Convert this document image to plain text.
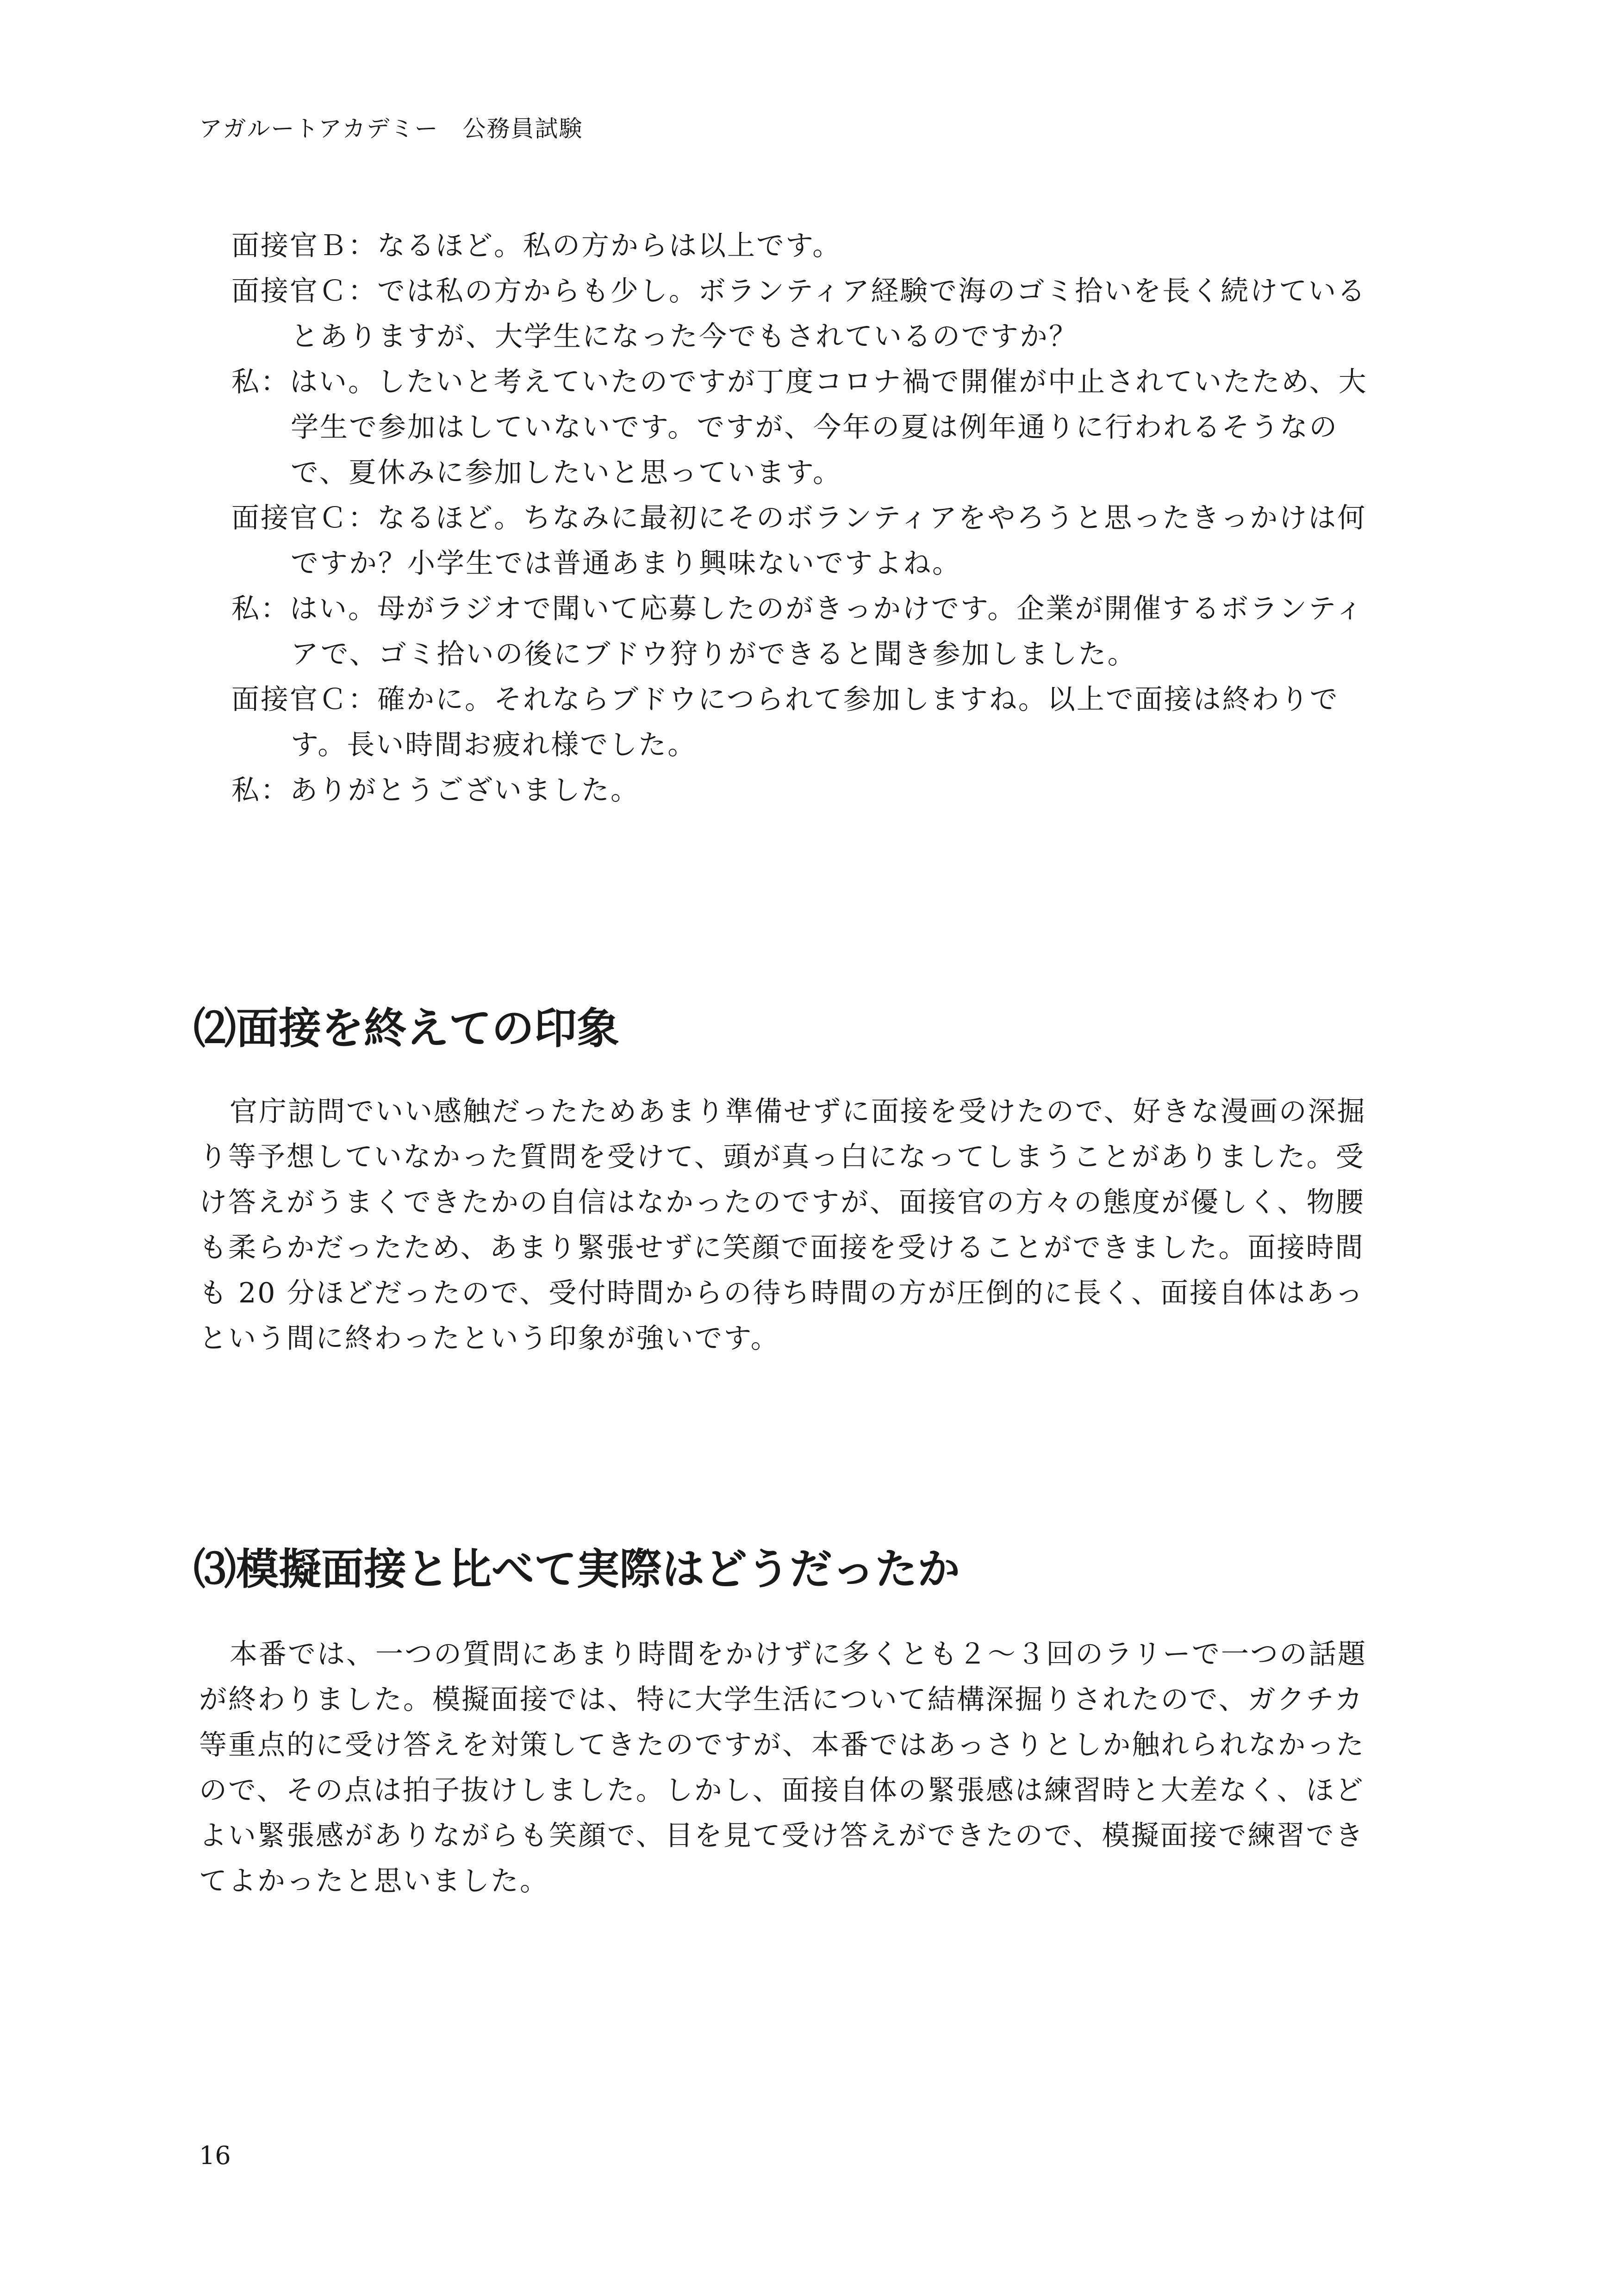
アガルートアカデミー　公務員試験
面接官Ｂ：なるほど。私の方からは以上です。
面接官Ｃ：では私の方からも少し。ボランティア経験で海のゴミ拾いを長く続けているとありますが、大学生になった今でもされているのですか？
私：はい。したいと考えていたのですが丁度コロナ禍で開催が中止されていたため、大学生で参加はしていないです。ですが、今年の夏は例年通りに行われるそうなので、夏休みに参加したいと思っています。
面接官Ｃ：なるほど。ちなみに最初にそのボランティアをやろうと思ったきっかけは何ですか？小学生では普通あまり興味ないですよね。
私：はい。母がラジオで聞いて応募したのがきっかけです。企業が開催するボランティアで、ゴミ拾いの後にブドウ狩りができると聞き参加しました。
面接官Ｃ：確かに。それならブドウにつられて参加しますね。以上で面接は終わりです。長い時間お疲れ様でした。
私：ありがとうございました。
⑵面接を終えての印象

官庁訪問でいい感触だったためあまり準備せずに面接を受けたので、好きな漫画の深掘り等予想していなかった質問を受けて、頭が真っ白になってしまうことがありました。受け答えがうまくできたかの自信はなかったのですが、面接官の方々の態度が優しく、物腰も柔らかだったため、あまり緊張せずに笑顔で面接を受けることができました。面接時間も 20 分ほどだったので、受付時間からの待ち時間の方が圧倒的に長く、面接自体はあっという間に終わったという印象が強いです。

⑶模擬面接と比べて実際はどうだったか

本番では、一つの質問にあまり時間をかけずに多くとも２～３回のラリーで一つの話題が終わりました。模擬面接では、特に大学生活について結構深掘りされたので、ガクチカ等重点的に受け答えを対策してきたのですが、本番ではあっさりとしか触れられなかったので、その点は拍子抜けしました。しかし、面接自体の緊張感は練習時と大差なく、ほどよい緊張感がありながらも笑顔で、目を見て受け答えができたので、模擬面接で練習できてよかったと思いました。

16
